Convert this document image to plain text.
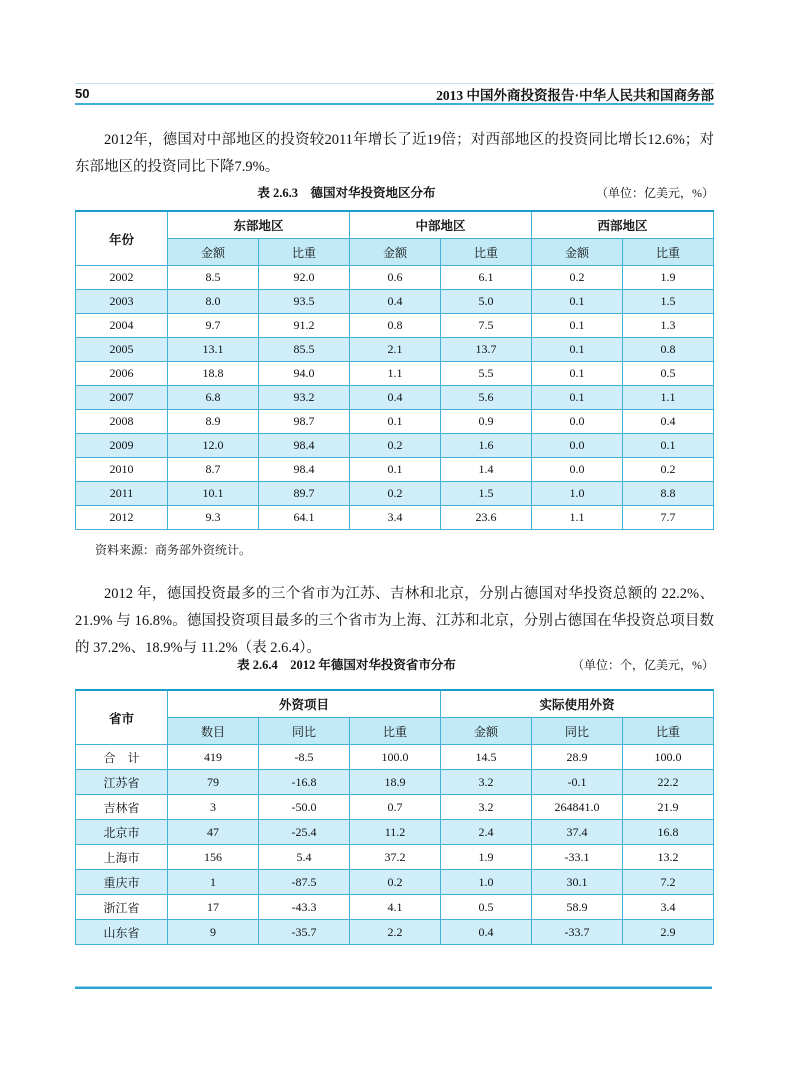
50	2013 中国外商投资报告·中华人民共和国商务部

2012年，德国对中部地区的投资较2011年增长了近19倍；对西部地区的投资同比增长12.6%；对东部地区的投资同比下降7.9%。

表 2.6.3　德国对华投资地区分布	（单位：亿美元，%）
年份	东部地区		中部地区		西部地区	
	金额	比重	金额	比重	金额	比重
2002	8.5	92.0	0.6	6.1	0.2	1.9
2003	8.0	93.5	0.4	5.0	0.1	1.5
2004	9.7	91.2	0.8	7.5	0.1	1.3
2005	13.1	85.5	2.1	13.7	0.1	0.8
2006	18.8	94.0	1.1	5.5	0.1	0.5
2007	6.8	93.2	0.4	5.6	0.1	1.1
2008	8.9	98.7	0.1	0.9	0.0	0.4
2009	12.0	98.4	0.2	1.6	0.0	0.1
2010	8.7	98.4	0.1	1.4	0.0	0.2
2011	10.1	89.7	0.2	1.5	1.0	8.8
2012	9.3	64.1	3.4	23.6	1.1	7.7
资料来源：商务部外资统计。

2012 年，德国投资最多的三个省市为江苏、吉林和北京，分别占德国对华投资总额的 22.2%、21.9% 与 16.8%。德国投资项目最多的三个省市为上海、江苏和北京，分别占德国在华投资总项目数的 37.2%、18.9%与 11.2%（表 2.6.4）。

表 2.6.4　2012 年德国对华投资省市分布	（单位：个，亿美元，%）
省市	外资项目			实际使用外资		
	数目	同比	比重	金额	同比	比重
合　计	419	-8.5	100.0	14.5	28.9	100.0
江苏省	79	-16.8	18.9	3.2	-0.1	22.2
吉林省	3	-50.0	0.7	3.2	264841.0	21.9
北京市	47	-25.4	11.2	2.4	37.4	16.8
上海市	156	5.4	37.2	1.9	-33.1	13.2
重庆市	1	-87.5	0.2	1.0	30.1	7.2
浙江省	17	-43.3	4.1	0.5	58.9	3.4
山东省	9	-35.7	2.2	0.4	-33.7	2.9
